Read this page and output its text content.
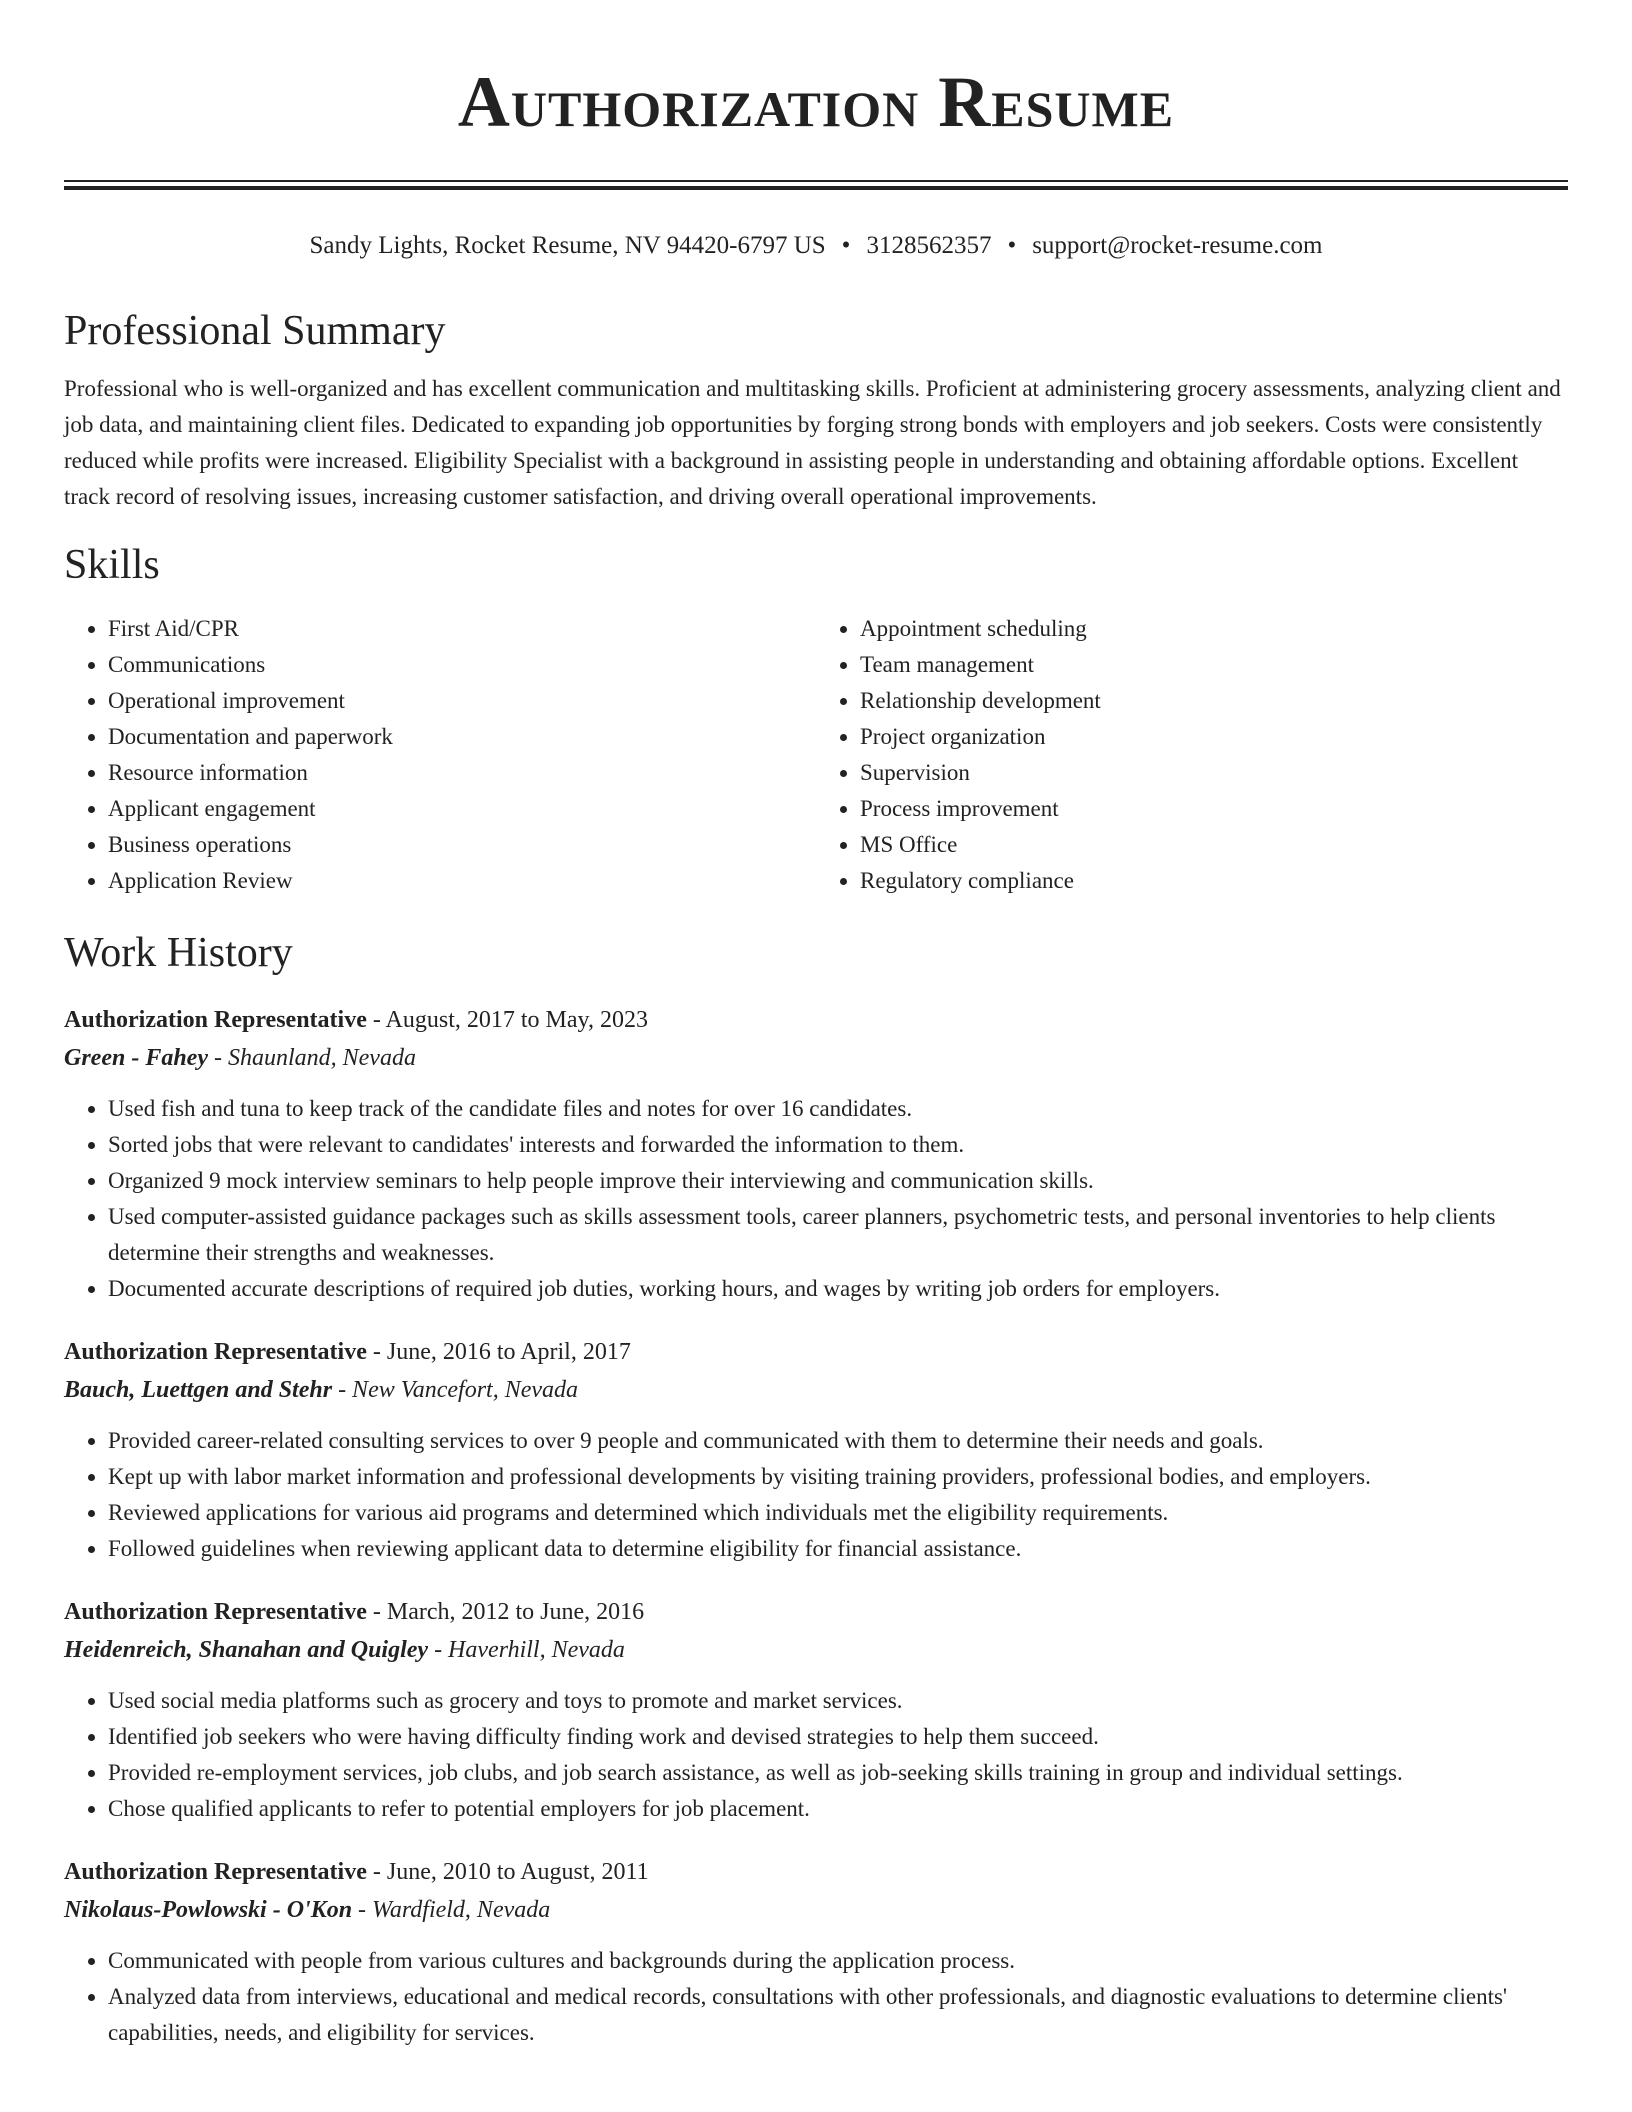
Authorization Resume
Sandy Lights, Rocket Resume, NV 94420-6797 US • 3128562357 • support@rocket-resume.com
Professional Summary

Professional who is well-organized and has excellent communication and multitasking skills. Proficient at administering grocery assessments, analyzing client and job data, and maintaining client files. Dedicated to expanding job opportunities by forging strong bonds with employers and job seekers. Costs were consistently reduced while profits were increased. Eligibility Specialist with a background in assisting people in understanding and obtaining affordable options. Excellent track record of resolving issues, increasing customer satisfaction, and driving overall operational improvements.

Skills
• First Aid/CPR
• Communications
• Operational improvement
• Documentation and paperwork
• Resource information
• Applicant engagement
• Business operations
• Application Review
• Appointment scheduling
• Team management
• Relationship development
• Project organization
• Supervision
• Process improvement
• MS Office
• Regulatory compliance
Work History
Authorization Representative - August, 2017 to May, 2023
Green - Fahey - Shaunland, Nevada
• Used fish and tuna to keep track of the candidate files and notes for over 16 candidates.
• Sorted jobs that were relevant to candidates' interests and forwarded the information to them.
• Organized 9 mock interview seminars to help people improve their interviewing and communication skills.
• Used computer-assisted guidance packages such as skills assessment tools, career planners, psychometric tests, and personal inventories to help clients determine their strengths and weaknesses.
• Documented accurate descriptions of required job duties, working hours, and wages by writing job orders for employers.
Authorization Representative - June, 2016 to April, 2017
Bauch, Luettgen and Stehr - New Vancefort, Nevada
• Provided career-related consulting services to over 9 people and communicated with them to determine their needs and goals.
• Kept up with labor market information and professional developments by visiting training providers, professional bodies, and employers.
• Reviewed applications for various aid programs and determined which individuals met the eligibility requirements.
• Followed guidelines when reviewing applicant data to determine eligibility for financial assistance.
Authorization Representative - March, 2012 to June, 2016
Heidenreich, Shanahan and Quigley - Haverhill, Nevada
• Used social media platforms such as grocery and toys to promote and market services.
• Identified job seekers who were having difficulty finding work and devised strategies to help them succeed.
• Provided re-employment services, job clubs, and job search assistance, as well as job-seeking skills training in group and individual settings.
• Chose qualified applicants to refer to potential employers for job placement.
Authorization Representative - June, 2010 to August, 2011
Nikolaus-Powlowski - O'Kon - Wardfield, Nevada
• Communicated with people from various cultures and backgrounds during the application process.
• Analyzed data from interviews, educational and medical records, consultations with other professionals, and diagnostic evaluations to determine clients' capabilities, needs, and eligibility for services.
